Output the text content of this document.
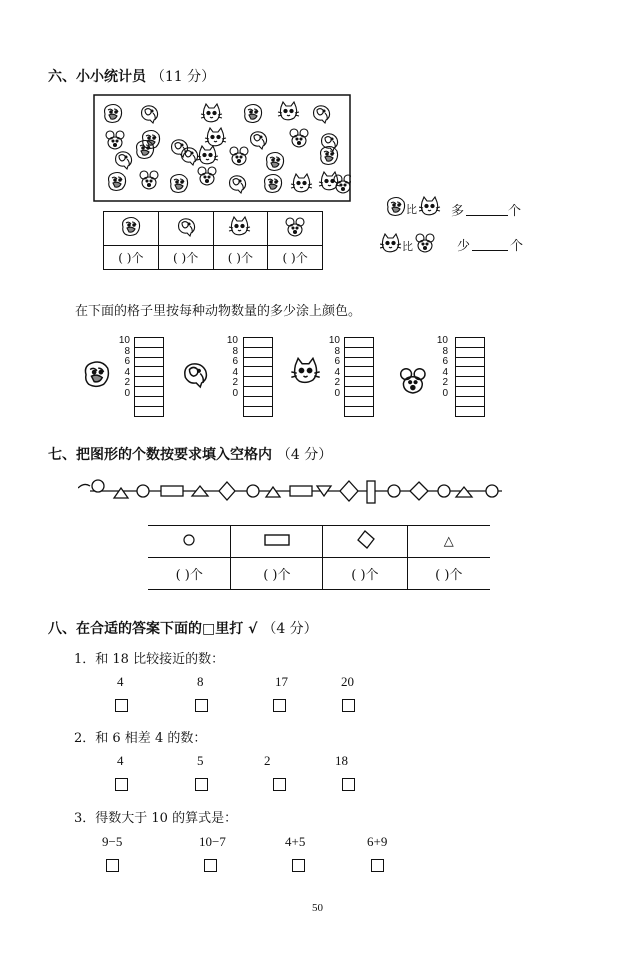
六、小小统计员 （11 分）

( )个	( )个	( )个	( )个
比	多	个
比	少	个
在下面的格子里按每种动物数量的多少涂上颜色。
10
8
6
4
2
0
10
8
6
4
2
0
10
8
6
4
2
0
10
8
6
4
2
0
七、把图形的个数按要求填入空格内 （4 分）
			△
( )个	( )个	( )个	( )个
八、在合适的答案下面的□里打 √ （4 分）
1．和 18 比较接近的数：
4	8	17	20
2．和 6 相差 4 的数：
4	5	2	18
3．得数大于 10 的算式是：
9−5	10−7	4+5	6+9
50
